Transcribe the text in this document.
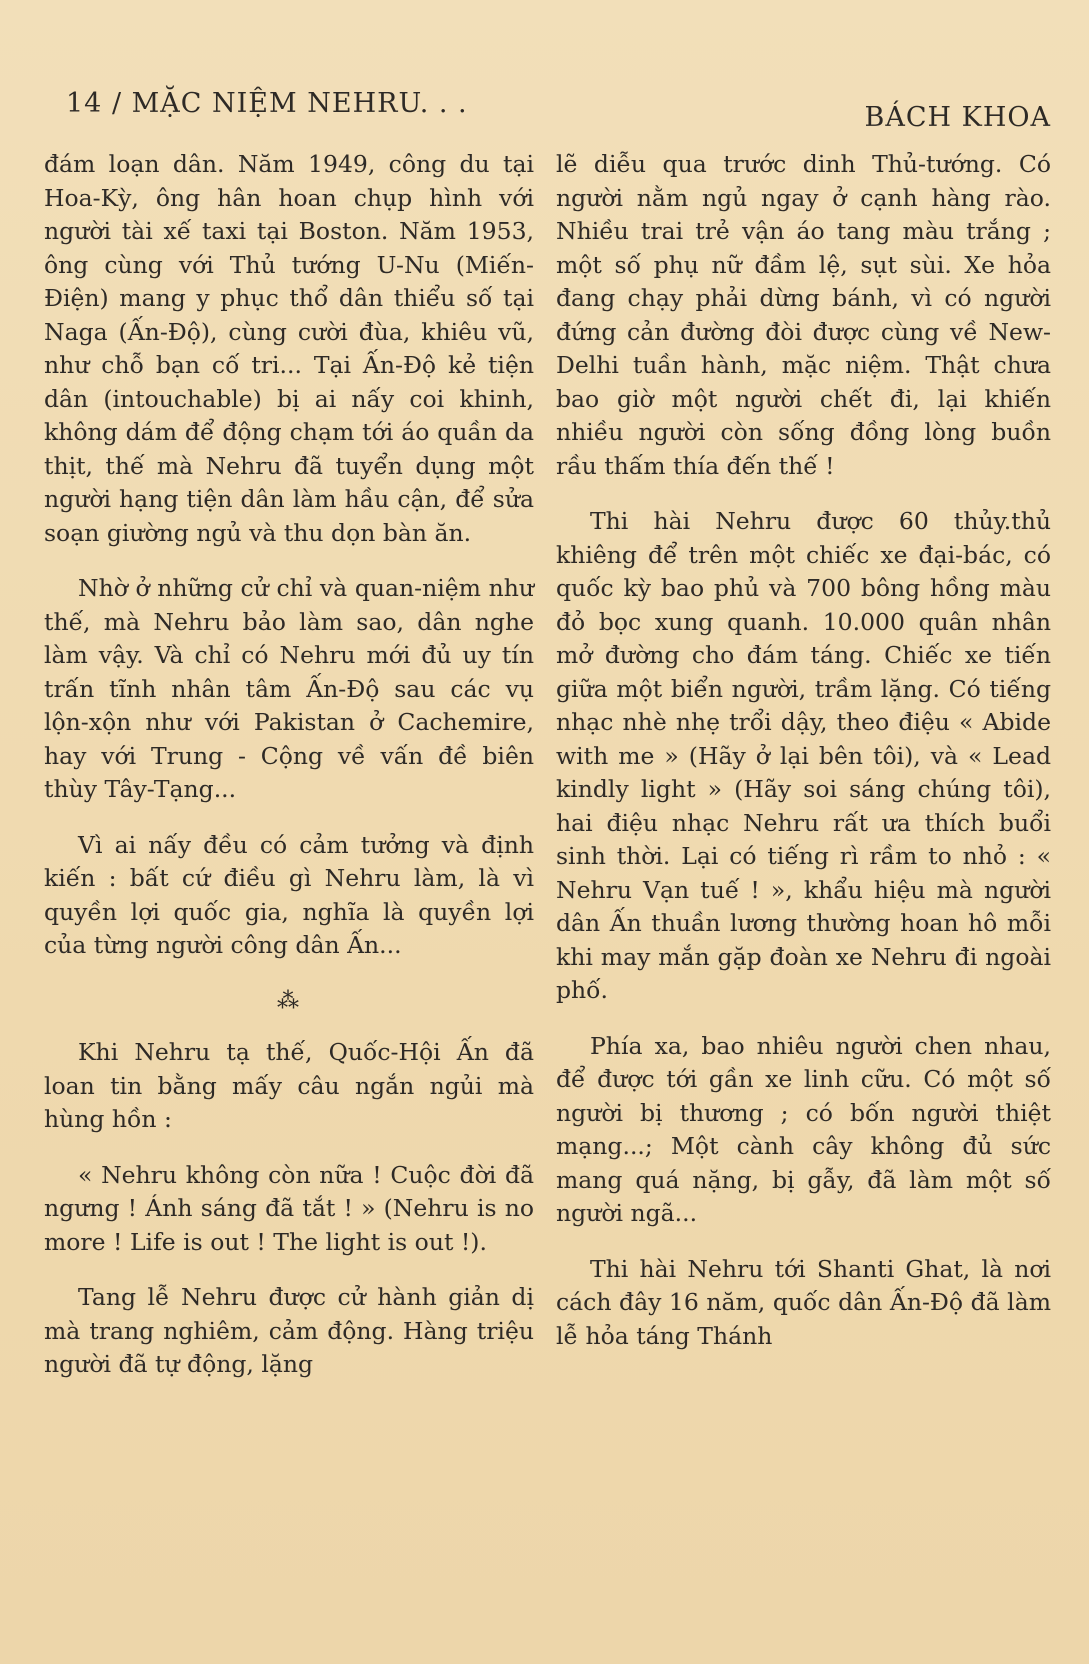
14 / MẶC NIỆM NEHRU. . .	BÁCH KHOA

đám loạn dân. Năm 1949, công du tại Hoa-Kỳ, ông hân hoan chụp hình với người tài xế taxi tại Boston. Năm 1953, ông cùng với Thủ tướng U-Nu (Miến-Điện) mang y phục thổ dân thiểu số tại Naga (Ấn-Độ), cùng cười đùa, khiêu vũ, như chỗ bạn cố tri... Tại Ấn-Độ kẻ tiện dân (intouchable) bị ai nấy coi khinh, không dám để động chạm tới áo quần da thịt, thế mà Nehru đã tuyển dụng một người hạng tiện dân làm hầu cận, để sửa soạn giường ngủ và thu dọn bàn ăn.

Nhờ ở những cử chỉ và quan-niệm như thế, mà Nehru bảo làm sao, dân nghe làm vậy. Và chỉ có Nehru mới đủ uy tín trấn tĩnh nhân tâm Ấn-Độ sau các vụ lộn-xộn như với Pakistan ở Cachemire, hay với Trung - Cộng về vấn đề biên thùy Tây-Tạng...

Vì ai nấy đều có cảm tưởng và định kiến : bất cứ điều gì Nehru làm, là vì quyền lợi quốc gia, nghĩa là quyền lợi của từng người công dân Ấn...

⁂

Khi Nehru tạ thế, Quốc-Hội Ấn đã loan tin bằng mấy câu ngắn ngủi mà hùng hồn :

« Nehru không còn nữa ! Cuộc đời đã ngưng ! Ánh sáng đã tắt ! » (Nehru is no more ! Life is out ! The light is out !).

Tang lễ Nehru được cử hành giản dị mà trang nghiêm, cảm động. Hàng triệu người đã tự động, lặng

lẽ diễu qua trước dinh Thủ-tướng. Có người nằm ngủ ngay ở cạnh hàng rào. Nhiều trai trẻ vận áo tang màu trắng ; một số phụ nữ đầm lệ, sụt sùi. Xe hỏa đang chạy phải dừng bánh, vì có người đứng cản đường đòi được cùng về New-Delhi tuần hành, mặc niệm. Thật chưa bao giờ một người chết đi, lại khiến nhiều người còn sống đồng lòng buồn rầu thấm thía đến thế !

Thi hài Nehru được 60 thủy.thủ khiêng để trên một chiếc xe đại-bác, có quốc kỳ bao phủ và 700 bông hồng màu đỏ bọc xung quanh. 10.000 quân nhân mở đường cho đám táng. Chiếc xe tiến giữa một biển người, trầm lặng. Có tiếng nhạc nhè nhẹ trổi dậy, theo điệu « Abide with me » (Hãy ở lại bên tôi), và « Lead kindly light » (Hãy soi sáng chúng tôi), hai điệu nhạc Nehru rất ưa thích buổi sinh thời. Lại có tiếng rì rầm to nhỏ : « Nehru Vạn tuế ! », khẩu hiệu mà người dân Ấn thuần lương thường hoan hô mỗi khi may mắn gặp đoàn xe Nehru đi ngoài phố.

Phía xa, bao nhiêu người chen nhau, để được tới gần xe linh cữu. Có một số người bị thương ; có bốn người thiệt mạng...; Một cành cây không đủ sức mang quá nặng, bị gẫy, đã làm một số người ngã...

Thi hài Nehru tới Shanti Ghat, là nơi cách đây 16 năm, quốc dân Ấn-Độ đã làm lễ hỏa táng Thánh
